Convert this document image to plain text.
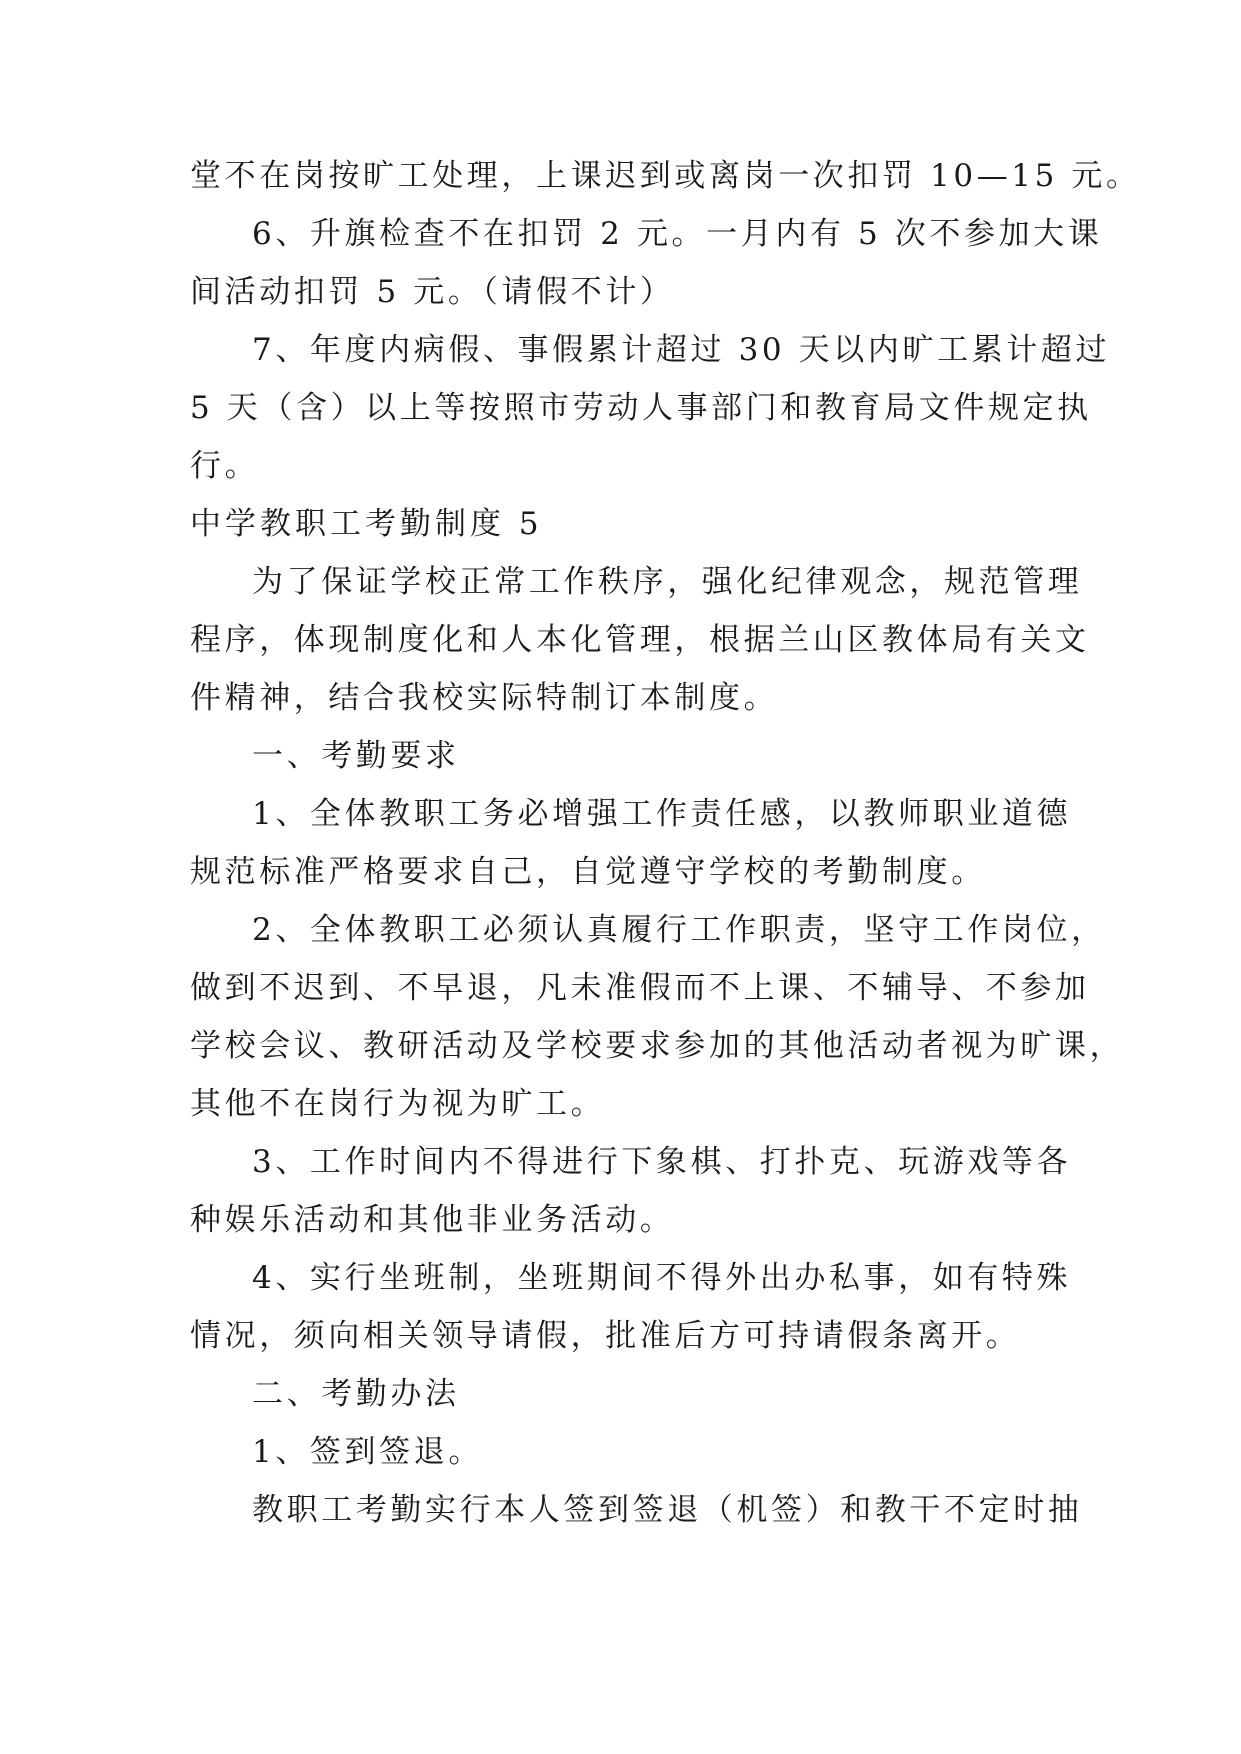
堂不在岗按旷工处理，上课迟到或离岗一次扣罚 10—15 元。
6、升旗检查不在扣罚 2 元。一月内有 5 次不参加大课
间活动扣罚 5 元。（请假不计）
7、年度内病假、事假累计超过 30 天以内旷工累计超过
5 天（含）以上等按照市劳动人事部门和教育局文件规定执
行。
中学教职工考勤制度 5
为了保证学校正常工作秩序，强化纪律观念，规范管理
程序，体现制度化和人本化管理，根据兰山区教体局有关文
件精神，结合我校实际特制订本制度。
一、考勤要求
1、全体教职工务必增强工作责任感，以教师职业道德
规范标准严格要求自己，自觉遵守学校的考勤制度。
2、全体教职工必须认真履行工作职责，坚守工作岗位，
做到不迟到、不早退，凡未准假而不上课、不辅导、不参加
学校会议、教研活动及学校要求参加的其他活动者视为旷课，
其他不在岗行为视为旷工。
3、工作时间内不得进行下象棋、打扑克、玩游戏等各
种娱乐活动和其他非业务活动。
4、实行坐班制，坐班期间不得外出办私事，如有特殊
情况，须向相关领导请假，批准后方可持请假条离开。
二、考勤办法
1、签到签退。
教职工考勤实行本人签到签退（机签）和教干不定时抽
